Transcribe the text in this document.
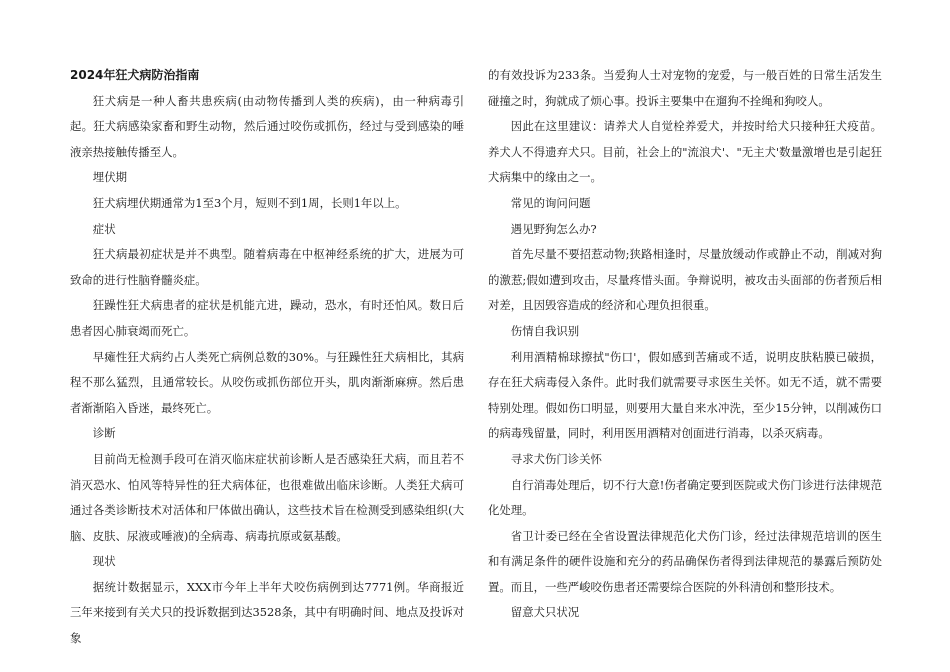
2024年狂犬病防治指南

狂犬病是一种人畜共患疾病(由动物传播到人类的疾病)，由一种病毒引起。狂犬病感染家畜和野生动物，然后通过咬伤或抓伤，经过与受到感染的唾液亲热接触传播至人。

埋伏期

狂犬病埋伏期通常为1至3个月，短则不到1周，长则1年以上。

症状

狂犬病最初症状是并不典型。随着病毒在中枢神经系统的扩大，进展为可致命的进行性脑脊髓炎症。

狂躁性狂犬病患者的症状是机能亢进，躁动，恐水，有时还怕风。数日后患者因心肺衰竭而死亡。

早瘫性狂犬病约占人类死亡病例总数的30%。与狂躁性狂犬病相比，其病程不那么猛烈，且通常较长。从咬伤或抓伤部位开头，肌肉渐渐麻痹。然后患者渐渐陷入昏迷，最终死亡。

诊断

目前尚无检测手段可在消灭临床症状前诊断人是否感染狂犬病，而且若不消灭恐水、怕风等特异性的狂犬病体征，也很难做出临床诊断。人类狂犬病可通过各类诊断技术对活体和尸体做出确认，这些技术旨在检测受到感染组织(大脑、皮肤、尿液或唾液)的全病毒、病毒抗原或氨基酸。

现状

据统计数据显示，XXX市今年上半年犬咬伤病例到达7771例。华商报近三年来接到有关犬只的投诉数据到达3528条，其中有明确时间、地点及投诉对象

的有效投诉为233条。当爱狗人士对宠物的宠爱，与一般百姓的日常生活发生碰撞之时，狗就成了烦心事。投诉主要集中在遛狗不拴绳和狗咬人。

因此在这里建议：请养犬人自觉栓养爱犬，并按时给犬只接种狂犬疫苗。养犬人不得遗弃犬只。目前，社会上的"流浪犬'、"无主犬'数量激增也是引起狂犬病集中的缘由之一。

常见的询问问题

遇见野狗怎么办?

首先尽量不要招惹动物;狭路相逢时，尽量放缓动作或静止不动，削减对狗的激惹;假如遭到攻击，尽量疼惜头面。争辩说明，被攻击头面部的伤者预后相对差，且因毁容造成的经济和心理负担很重。

伤情自我识别

利用酒精棉球擦拭"伤口'，假如感到苦痛或不适，说明皮肤粘膜已破损，存在狂犬病毒侵入条件。此时我们就需要寻求医生关怀。如无不适，就不需要特别处理。假如伤口明显，则要用大量自来水冲洗，至少15分钟，以削减伤口的病毒残留量，同时，利用医用酒精对创面进行消毒，以杀灭病毒。

寻求犬伤门诊关怀

自行消毒处理后，切不行大意!伤者确定要到医院或犬伤门诊进行法律规范化处理。

省卫计委已经在全省设置法律规范化犬伤门诊，经过法律规范培训的医生和有满足条件的硬件设施和充分的药品确保伤者得到法律规范的暴露后预防处置。而且，一些严峻咬伤患者还需要综合医院的外科清创和整形技术。

留意犬只状况
